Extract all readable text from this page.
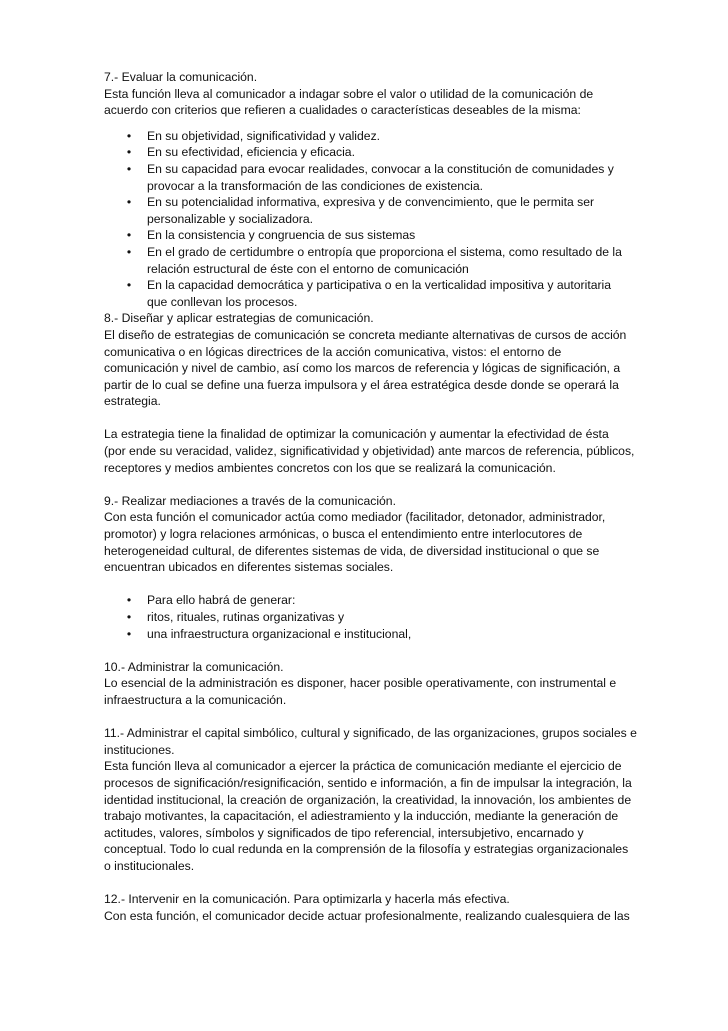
7.- Evaluar la comunicación.
Esta función lleva al comunicador a indagar sobre el valor o utilidad de la comunicación de
acuerdo con criterios que refieren a cualidades o características deseables de la misma:
• En su objetividad, significatividad y validez.
• En su efectividad, eficiencia y eficacia.
• En su capacidad para evocar realidades, convocar a la constitución de comunidades y
provocar a la transformación de las condiciones de existencia.
• En su potencialidad informativa, expresiva y de convencimiento, que le permita ser
personalizable y socializadora.
• En la consistencia y congruencia de sus sistemas
• En el grado de certidumbre o entropía que proporciona el sistema, como resultado de la
relación estructural de éste con el entorno de comunicación
• En la capacidad democrática y participativa o en la verticalidad impositiva y autoritaria
que conllevan los procesos.
8.- Diseñar y aplicar estrategias de comunicación.
El diseño de estrategias de comunicación se concreta mediante alternativas de cursos de acción
comunicativa o en lógicas directrices de la acción comunicativa, vistos: el entorno de
comunicación y nivel de cambio, así como los marcos de referencia y lógicas de significación, a
partir de lo cual se define una fuerza impulsora y el área estratégica desde donde se operará la
estrategia.
La estrategia tiene la finalidad de optimizar la comunicación y aumentar la efectividad de ésta
(por ende su veracidad, validez, significatividad y objetividad) ante marcos de referencia, públicos,
receptores y medios ambientes concretos con los que se realizará la comunicación.
9.- Realizar mediaciones a través de la comunicación.
Con esta función el comunicador actúa como mediador (facilitador, detonador, administrador,
promotor) y logra relaciones armónicas, o busca el entendimiento entre interlocutores de
heterogeneidad cultural, de diferentes sistemas de vida, de diversidad institucional o que se
encuentran ubicados en diferentes sistemas sociales.
• Para ello habrá de generar:
• ritos, rituales, rutinas organizativas y
• una infraestructura organizacional e institucional,
10.- Administrar la comunicación.
Lo esencial de la administración es disponer, hacer posible operativamente, con instrumental e
infraestructura a la comunicación.
11.- Administrar el capital simbólico, cultural y significado, de las organizaciones, grupos sociales e
instituciones.
Esta función lleva al comunicador a ejercer la práctica de comunicación mediante el ejercicio de
procesos de significación/resignificación, sentido e información, a fin de impulsar la integración, la
identidad institucional, la creación de organización, la creatividad, la innovación, los ambientes de
trabajo motivantes, la capacitación, el adiestramiento y la inducción, mediante la generación de
actitudes, valores, símbolos y significados de tipo referencial, intersubjetivo, encarnado y
conceptual. Todo lo cual redunda en la comprensión de la filosofía y estrategias organizacionales
o institucionales.
12.- Intervenir en la comunicación. Para optimizarla y hacerla más efectiva.
Con esta función, el comunicador decide actuar profesionalmente, realizando cualesquiera de las
